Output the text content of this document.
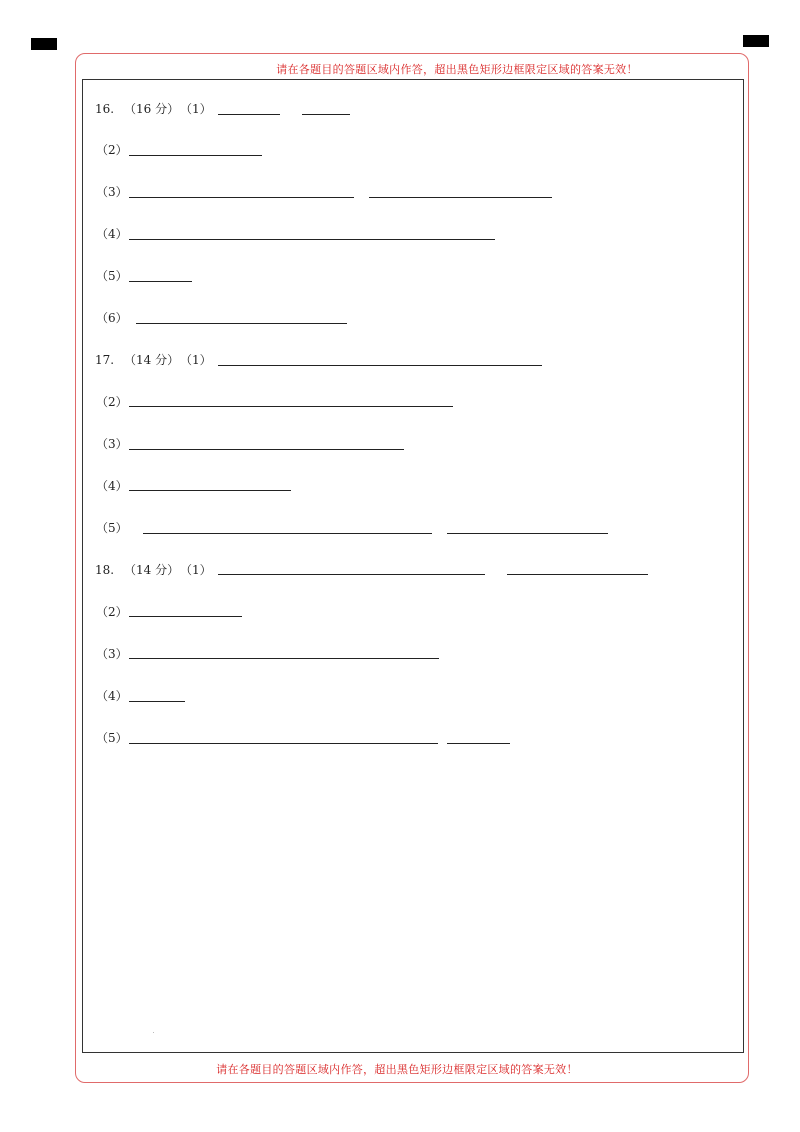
请在各题目的答题区域内作答，超出黑色矩形边框限定区域的答案无效！
请在各题目的答题区域内作答，超出黑色矩形边框限定区域的答案无效！
16. （16 分） （1）
（2）
（3）
（4）
（5）
（6）
17. （14 分） （1）
（2）
（3）
（4）
（5）
18. （14 分） （1）
（2）
（3）
（4）
（5）
